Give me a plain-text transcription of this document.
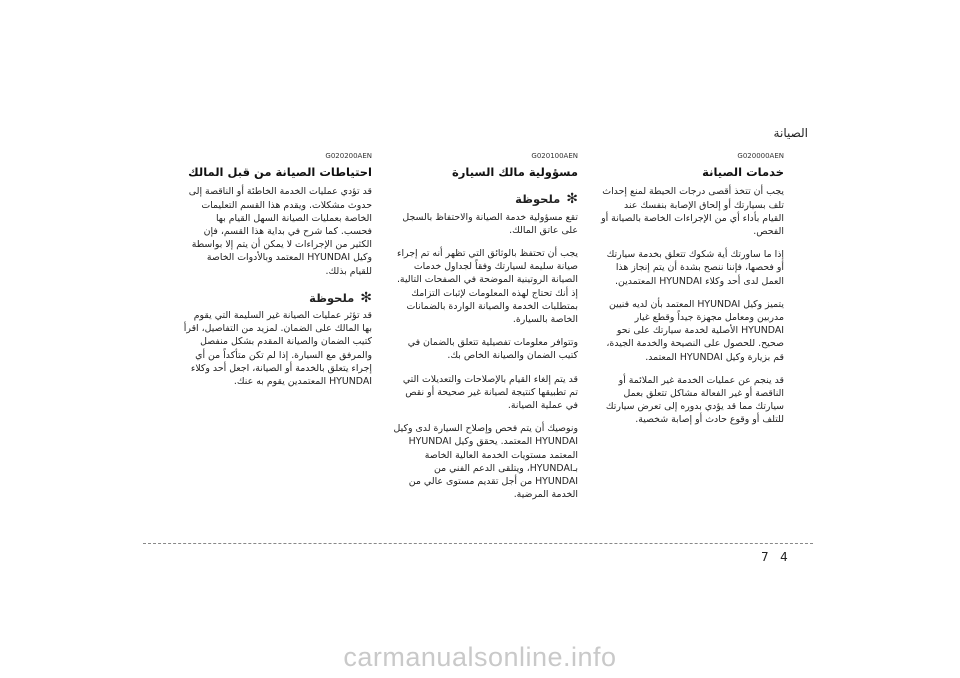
الصيانة
G020000AEN
خدمات الصيانة

يجب أن تتخذ أقصى درجات الحيطة لمنع إحداث تلف بسيارتك أو إلحاق الإصابة بنفسك عند القيام بأداء أي من الإجراءات الخاصة بالصيانة أو الفحص.

إذا ما ساورتك أية شكوك تتعلق بخدمة سيارتك أو فحصها، فإننا ننصح بشدة أن يتم إنجاز هذا العمل لدى أحد وكلاء HYUNDAI المعتمدين.

يتميز وكيل HYUNDAI المعتمد بأن لديه فنيين مدربين ومعامل مجهزة جيداً وقطع غيار HYUNDAI الأصلية لخدمة سيارتك على نحو صحيح. للحصول على النصيحة والخدمة الجيدة، قم بزيارة وكيل HYUNDAI المعتمد.

قد ينجم عن عمليات الخدمة غير الملائمة أو الناقصة أو غير الفعالة مشاكل تتعلق بعمل سيارتك مما قد يؤدي بدوره إلى تعرض سيارتك للتلف أو وقوع حادث أو إصابة شخصية.

G020100AEN
مسؤولية مالك السيارة
✻ملحوظة

تقع مسؤولية خدمة الصيانة والاحتفاظ بالسجل على عاتق المالك.

يجب أن تحتفظ بالوثائق التي تظهر أنه تم إجراء صيانة سليمة لسيارتك وفقاً لجداول خدمات الصيانة الروتينية الموضحة في الصفحات التالية. إذ أنك تحتاج لهذه المعلومات لإثبات التزامك بمتطلبات الخدمة والصيانة الواردة بالضمانات الخاصة بالسيارة.

وتتوافر معلومات تفصيلية تتعلق بالضمان في كتيب الضمان والصيانة الخاص بك.

قد يتم إلغاء القيام بالإصلاحات والتعديلات التي تم تطبيقها كنتيجة لصيانة غير صحيحة أو نقص في عملية الصيانة.

ونوصيك أن يتم فحص وإصلاح السيارة لدى وكيل HYUNDAI المعتمد. يحقق وكيل HYUNDAI المعتمد مستويات الخدمة العالية الخاصة بـHYUNDAI، ويتلقى الدعم الفني من HYUNDAI من أجل تقديم مستوى عالي من الخدمة المرضية.

G020200AEN
احتياطات الصيانة من قبل المالك

قد تؤدي عمليات الخدمة الخاطئة أو الناقصة إلى حدوث مشكلات. ويقدم هذا القسم التعليمات الخاصة بعمليات الصيانة السهل القيام بها فحسب. كما شرح في بداية هذا القسم، فإن الكثير من الإجراءات لا يمكن أن يتم إلا بواسطة وكيل HYUNDAI المعتمد وبالأدوات الخاصة للقيام بذلك.

✻ملحوظة

قد تؤثر عمليات الصيانة غير السليمة التي يقوم بها المالك على الضمان. لمزيد من التفاصيل، اقرأ كتيب الضمان والصيانة المقدم بشكل منفصل والمرفق مع السيارة. إذا لم تكن متأكداً من أي إجراء يتعلق بالخدمة أو الصيانة، اجعل أحد وكلاء HYUNDAI المعتمدين يقوم به عنك.

7 4
carmanualsonline.info
